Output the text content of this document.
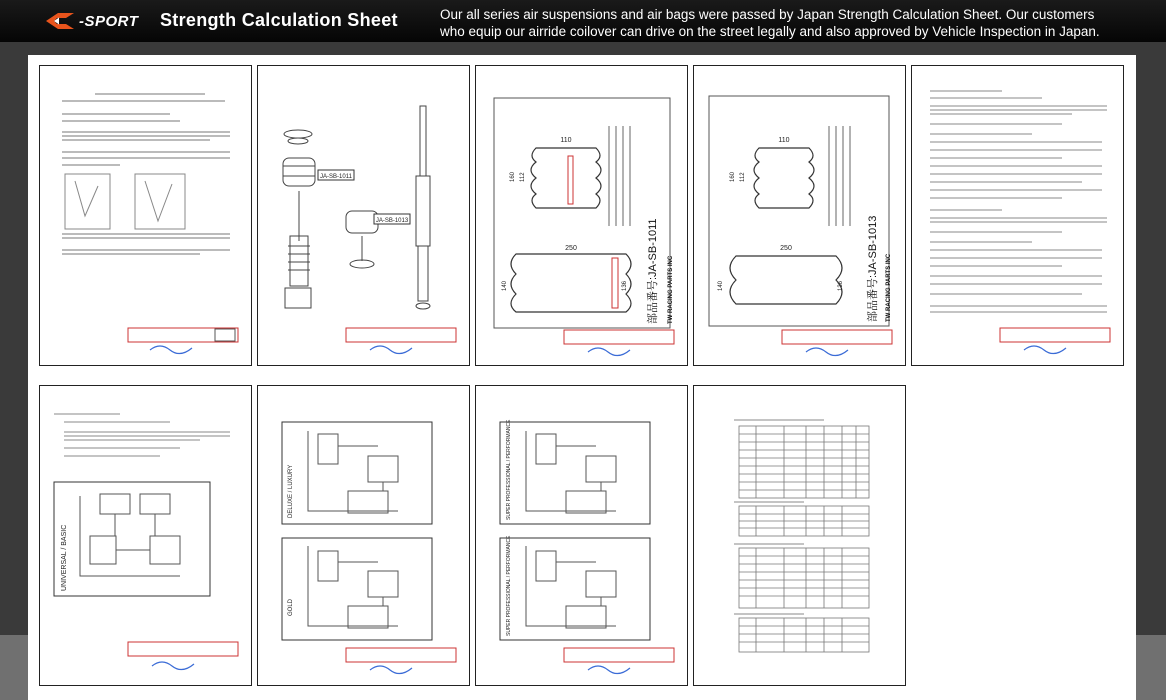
-SPORT Strength Calculation Sheet	Our all series air suspensions and air bags were passed by Japan Strength Calculation Sheet. Our customers
who equip our airride coilover can drive on the street legally and also approved by Vehicle Inspection in Japan.
JA-SB-1011
JA-SB-1013
110
250
160 112
136
140	部品番号:JA-SB-1011 TW RACING PARTS INC
110
250
160 112
136
140	部品番号:JA-SB-1013 TW RACING PARTS INC
UNIVERSAL / BASIC
DELUXE / LUXURY
GOLD
SUPER PROFESSIONAL / PERFORMANCE
SUPER PROFESSIONAL / PERFORMANCE
